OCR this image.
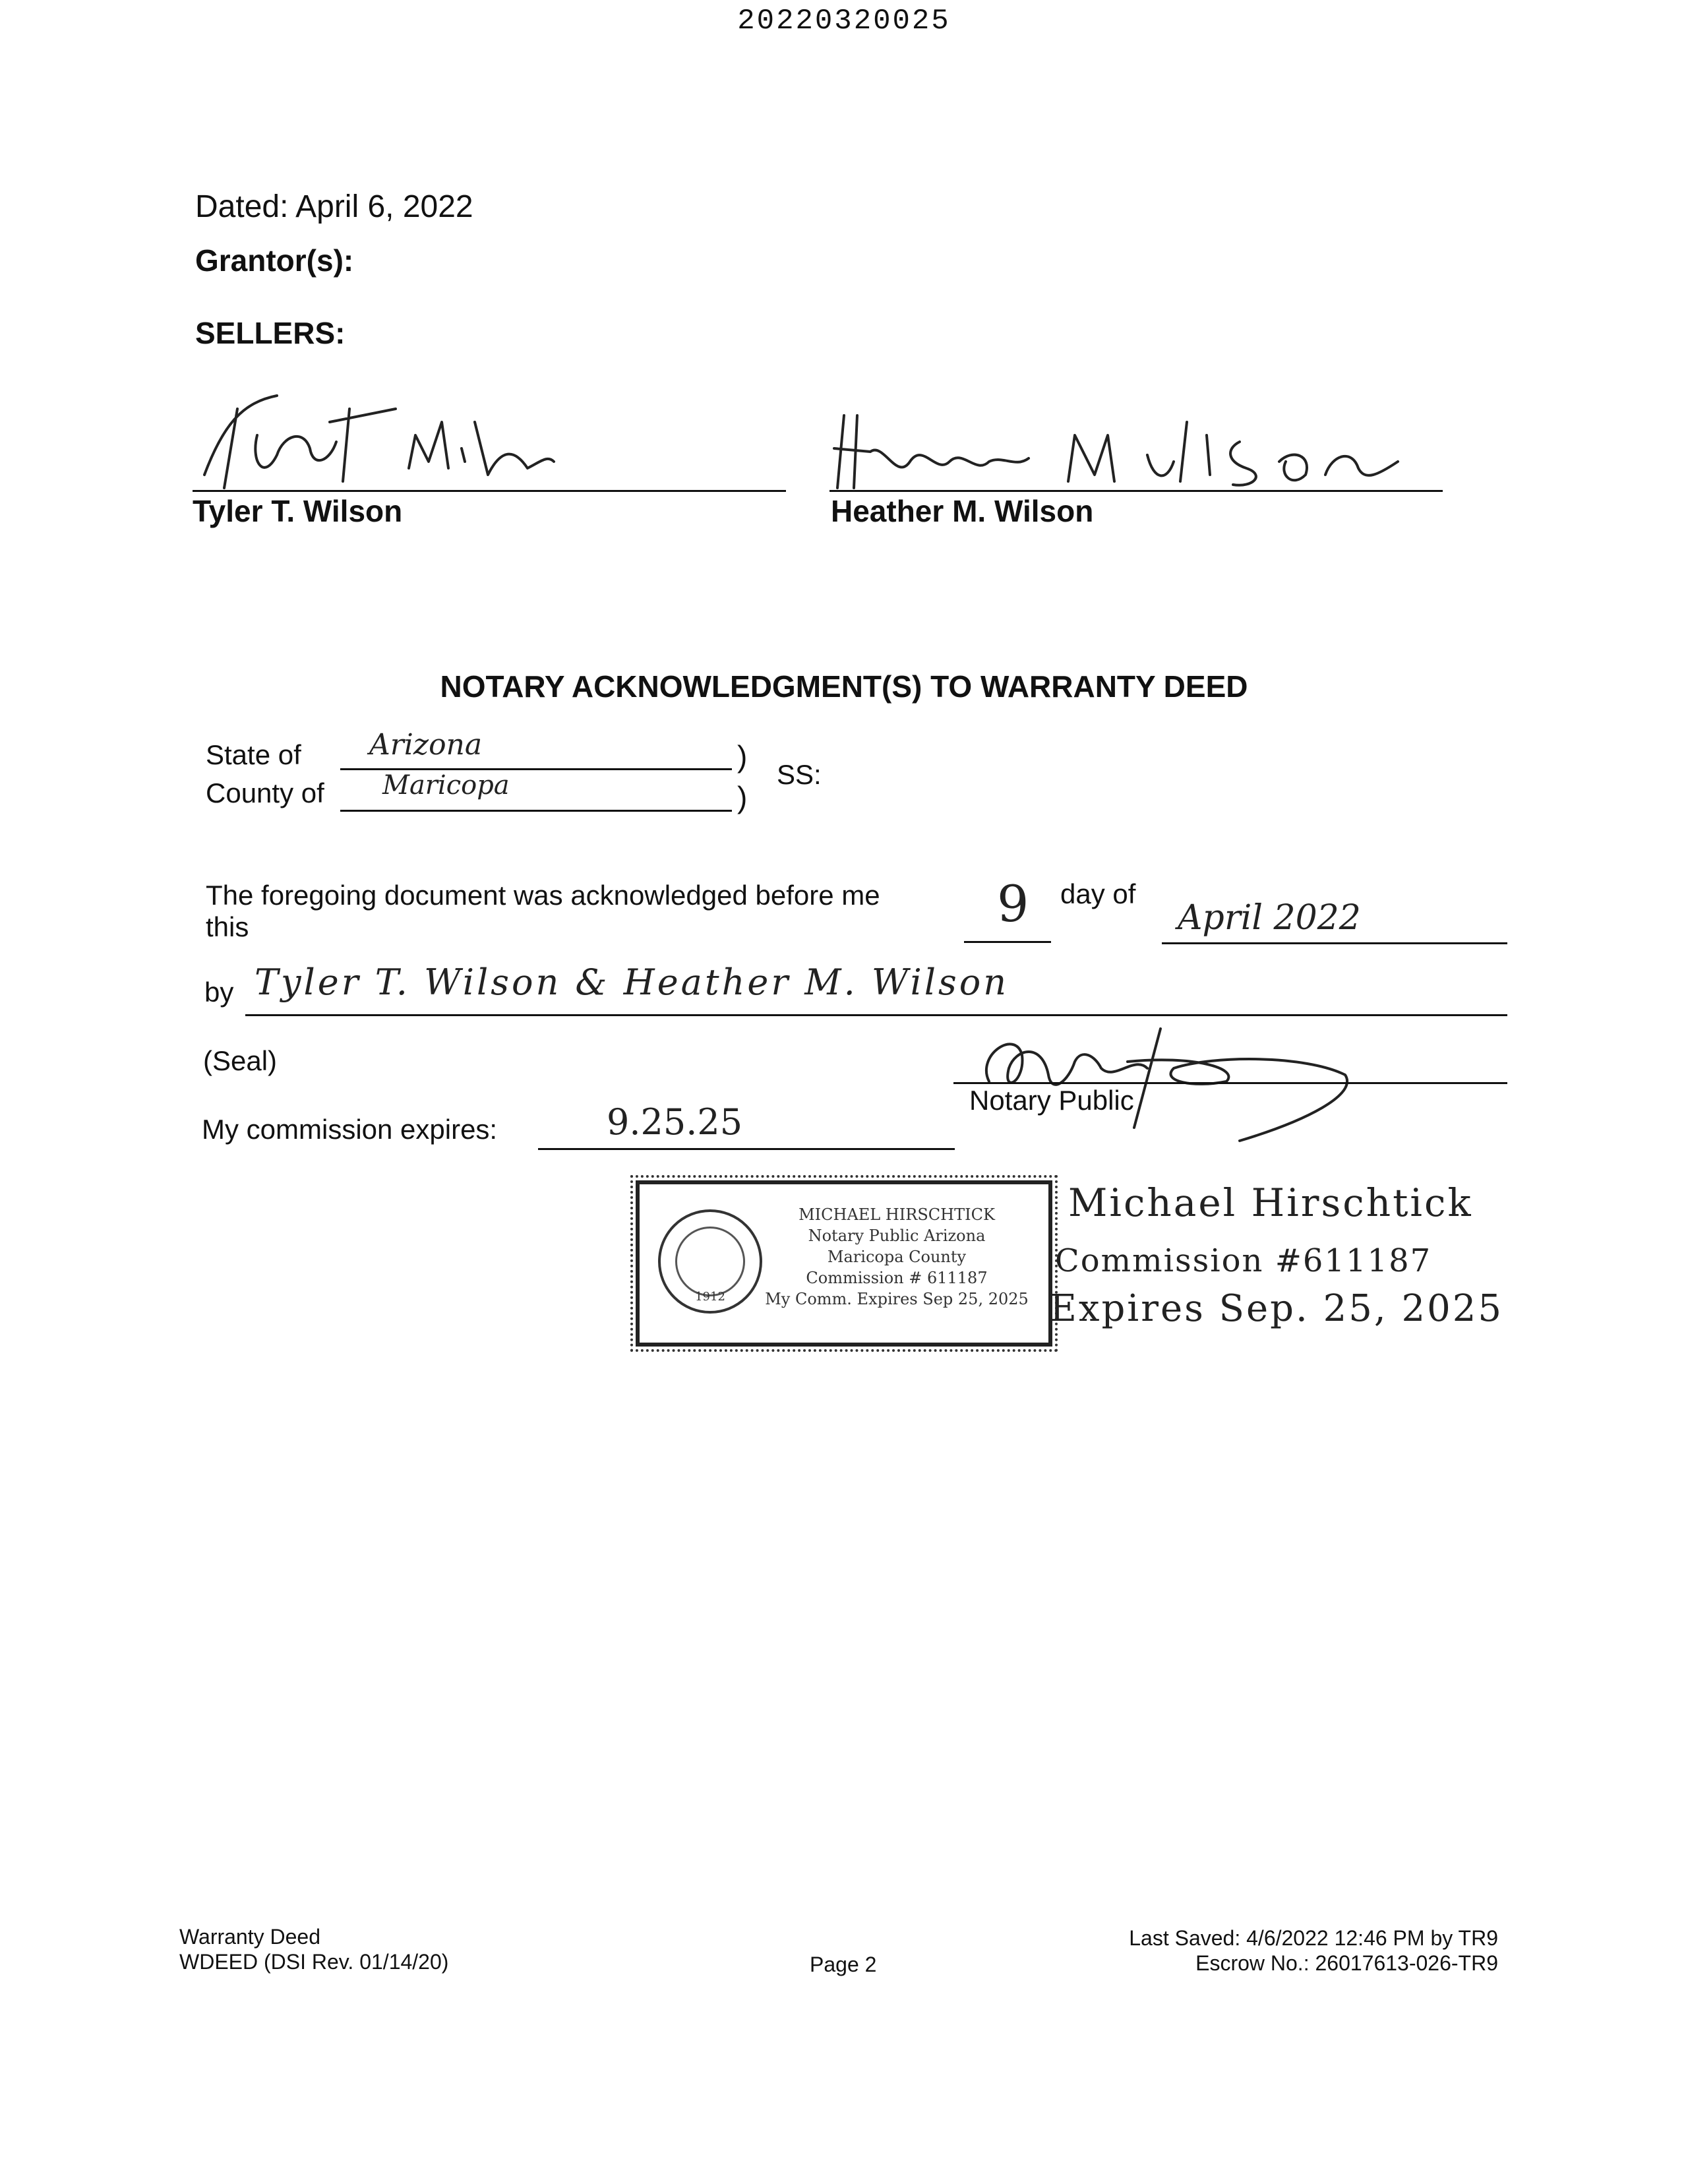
20220320025
Dated: April 6, 2022
Grantor(s):
SELLERS:
Tyler T. Wilson	Heather M. Wilson
NOTARY ACKNOWLEDGMENT(S) TO WARRANTY DEED
State of Arizona	)
County of Maricopa	)
SS:
The foregoing document was acknowledged before me this	9 day of
April 2022
by Tyler T. Wilson & Heather M. Wilson
(Seal)
Notary Public
My commission expires:	9.25.25
1912
MICHAEL HIRSCHTICK
Notary Public Arizona
Maricopa County
Commission # 611187
My Comm. Expires Sep 25, 2025
Michael Hirschtick
Commission #611187
Expires Sep. 25, 2025
Warranty Deed
WDEED (DSI Rev. 01/14/20)	Page 2
Last Saved: 4/6/2022 12:46 PM by TR9
Escrow No.: 26017613-026-TR9
